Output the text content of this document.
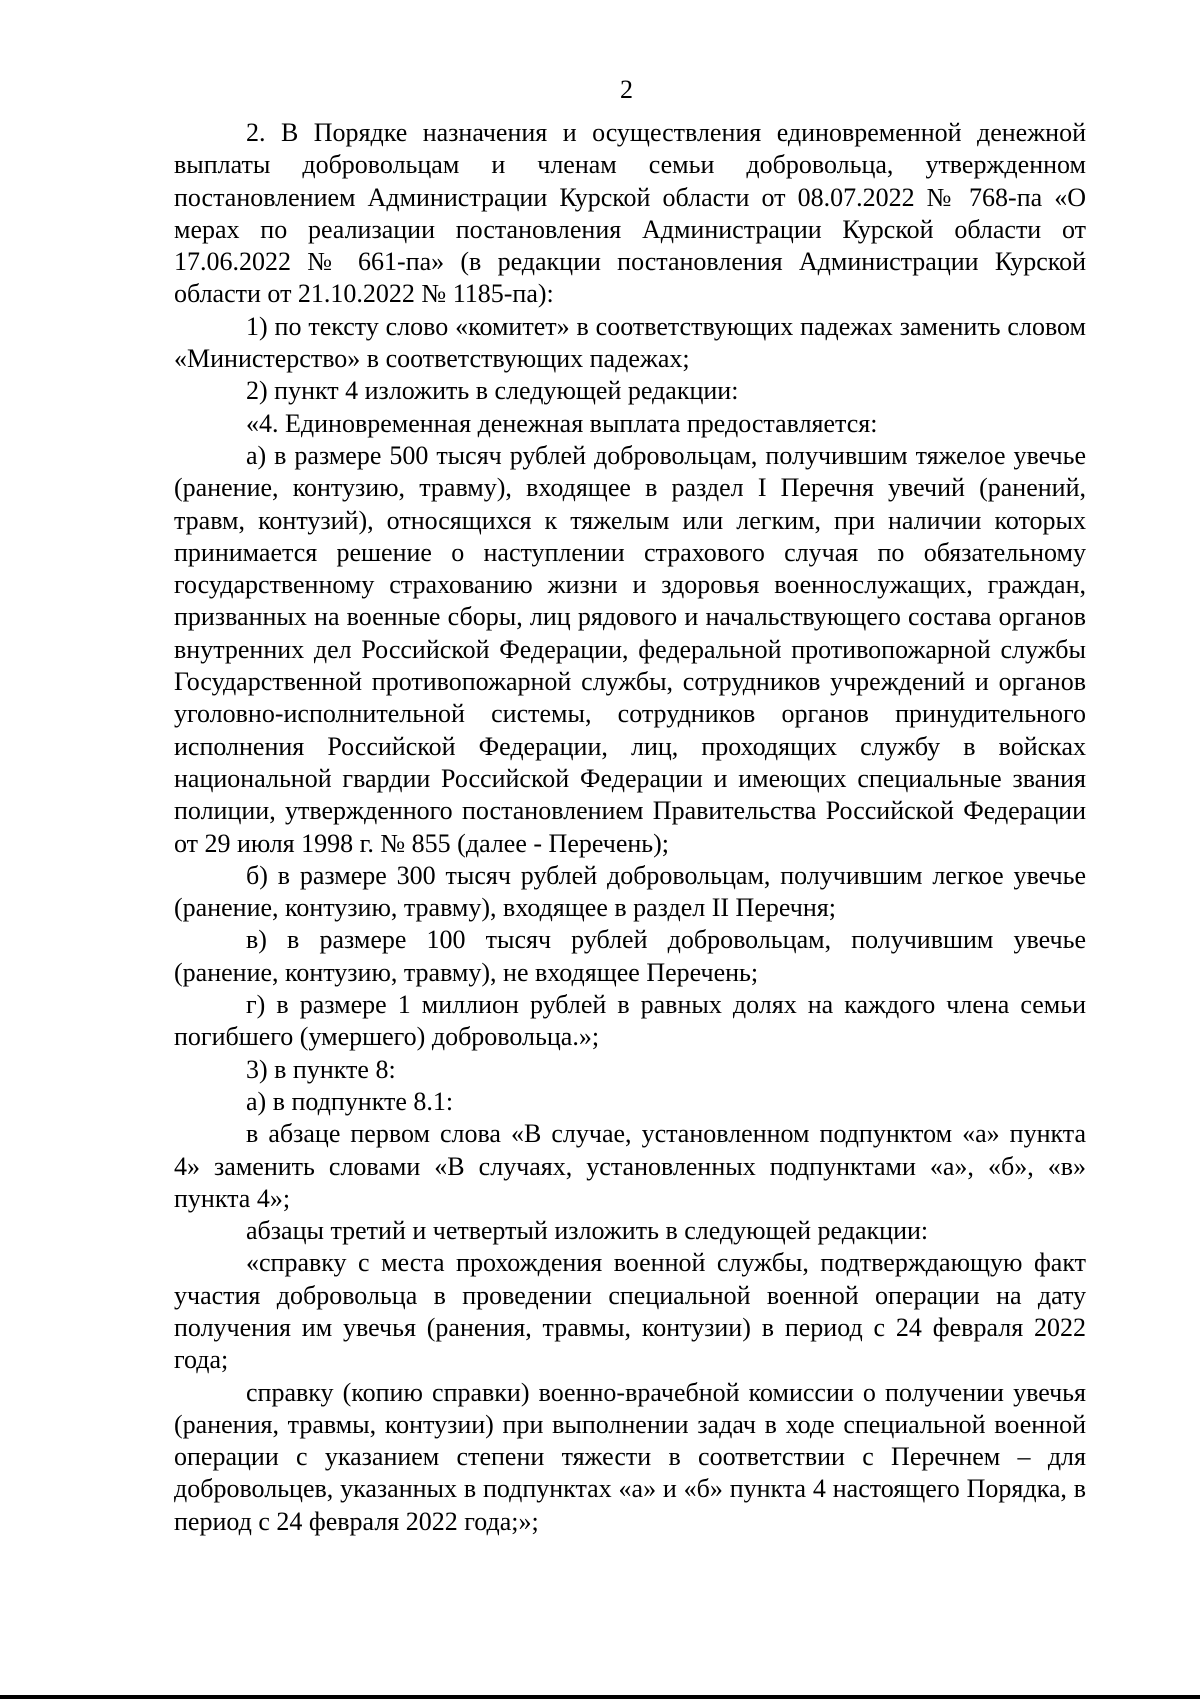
2

2. В Порядке назначения и осуществления единовременной денежной выплаты добровольцам и членам семьи добровольца, утвержденном постановлением Администрации Курской области от 08.07.2022 № 768-па «О мерах по реализации постановления Администрации Курской области от 17.06.2022 № 661-па» (в редакции постановления Администрации Курской области от 21.10.2022 № 1185-па):

1) по тексту слово «комитет» в соответствующих падежах заменить словом «Министерство» в соответствующих падежах;

2) пункт 4 изложить в следующей редакции:

«4. Единовременная денежная выплата предоставляется:

а) в размере 500 тысяч рублей добровольцам, получившим тяжелое увечье (ранение, контузию, травму), входящее в раздел I Перечня увечий (ранений, травм, контузий), относящихся к тяжелым или легким, при наличии которых принимается решение о наступлении страхового случая по обязательному государственному страхованию жизни и здоровья военнослужащих, граждан, призванных на военные сборы, лиц рядового и начальствующего состава органов внутренних дел Российской Федерации, федеральной противопожарной службы Государственной противопожарной службы, сотрудников учреждений и органов уголовно-исполнительной системы, сотрудников органов принудительного исполнения Российской Федерации, лиц, проходящих службу в войсках национальной гвардии Российской Федерации и имеющих специальные звания полиции, утвержденного постановлением Правительства Российской Федерации от 29 июля 1998 г. № 855 (далее - Перечень);

б) в размере 300 тысяч рублей добровольцам, получившим легкое увечье (ранение, контузию, травму), входящее в раздел II Перечня;

в) в размере 100 тысяч рублей добровольцам, получившим увечье (ранение, контузию, травму), не входящее Перечень;

г) в размере 1 миллион рублей в равных долях на каждого члена семьи погибшего (умершего) добровольца.»;

3) в пункте 8:

а) в подпункте 8.1:

в абзаце первом слова «В случае, установленном подпунктом «а» пункта 4» заменить словами «В случаях, установленных подпунктами «а», «б», «в» пункта 4»;

абзацы третий и четвертый изложить в следующей редакции:

«справку с места прохождения военной службы, подтверждающую факт участия добровольца в проведении специальной военной операции на дату получения им увечья (ранения, травмы, контузии) в период с 24 февраля 2022 года;

справку (копию справки) военно-врачебной комиссии о получении увечья (ранения, травмы, контузии) при выполнении задач в ходе специальной военной операции с указанием степени тяжести в соответствии с Перечнем – для добровольцев, указанных в подпунктах «а» и «б» пункта 4 настоящего Порядка, в период с 24 февраля 2022 года;»;
